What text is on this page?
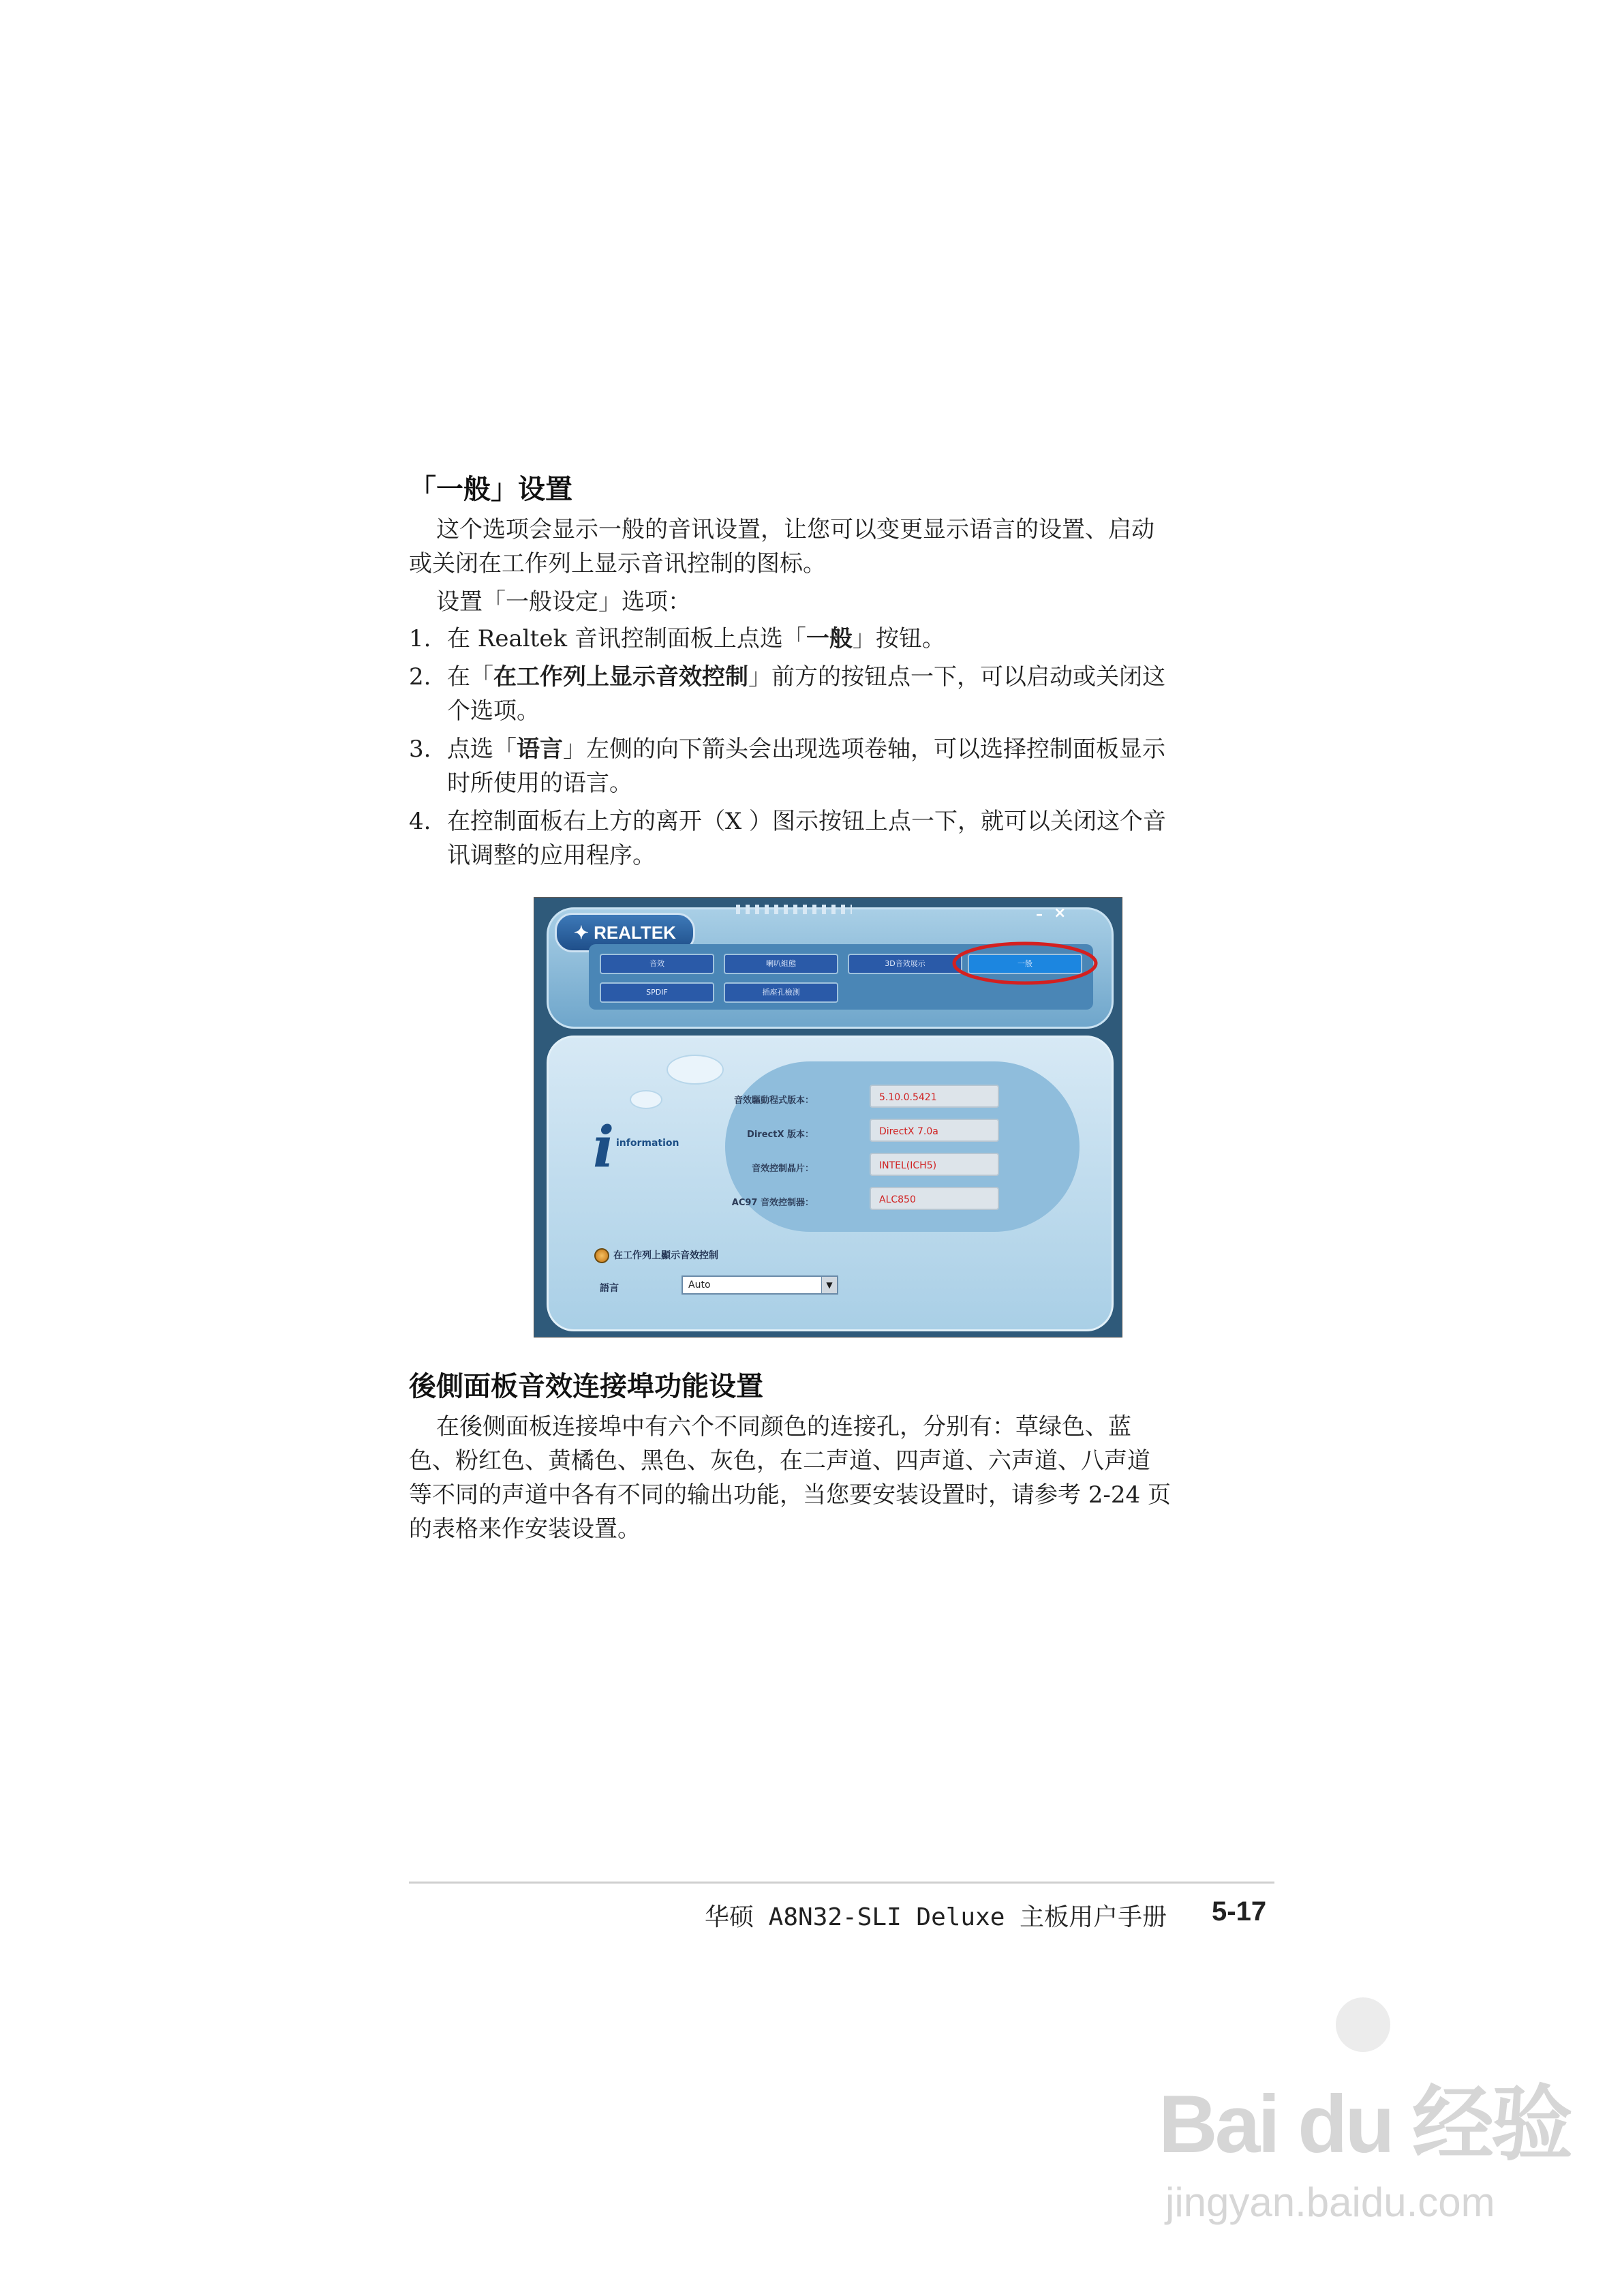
「一般」设置
这个选项会显示一般的音讯设置，让您可以变更显示语言的设置、启动
或关闭在工作列上显示音讯控制的图标。
设置「一般设定」选项：
1. 在 Realtek 音讯控制面板上点选「一般」按钮。
2. 在「在工作列上显示音效控制」前方的按钮点一下，可以启动或关闭这
个选项。
3. 点选「语言」左侧的向下箭头会出现选项卷轴，可以选择控制面板显示
时所使用的语言。
4. 在控制面板右上方的离开（X ）图示按钮上点一下，就可以关闭这个音
讯调整的应用程序。
✦ REALTEK
– ×
音效	喇叭組態	3D音效展示	一般
SPDIF	插座孔檢測
i information
音效驅動程式版本：	5.10.0.5421
DirectX 版本：	DirectX 7.0a
音效控制晶片：	INTEL(ICH5)
AC97 音效控制器：	ALC850
在工作列上顯示音效控制
語言	Auto	▼
後側面板音效连接埠功能设置
在後侧面板连接埠中有六个不同颜色的连接孔，分别有：草绿色、蓝
色、粉红色、黄橘色、黑色、灰色，在二声道、四声道、六声道、八声道
等不同的声道中各有不同的输出功能，当您要安装设置时，请参考 2-24 页
的表格来作安装设置。
华硕 A8N32-SLI Deluxe 主板用户手册 5-17
Bai du 经验
jingyan.baidu.com
